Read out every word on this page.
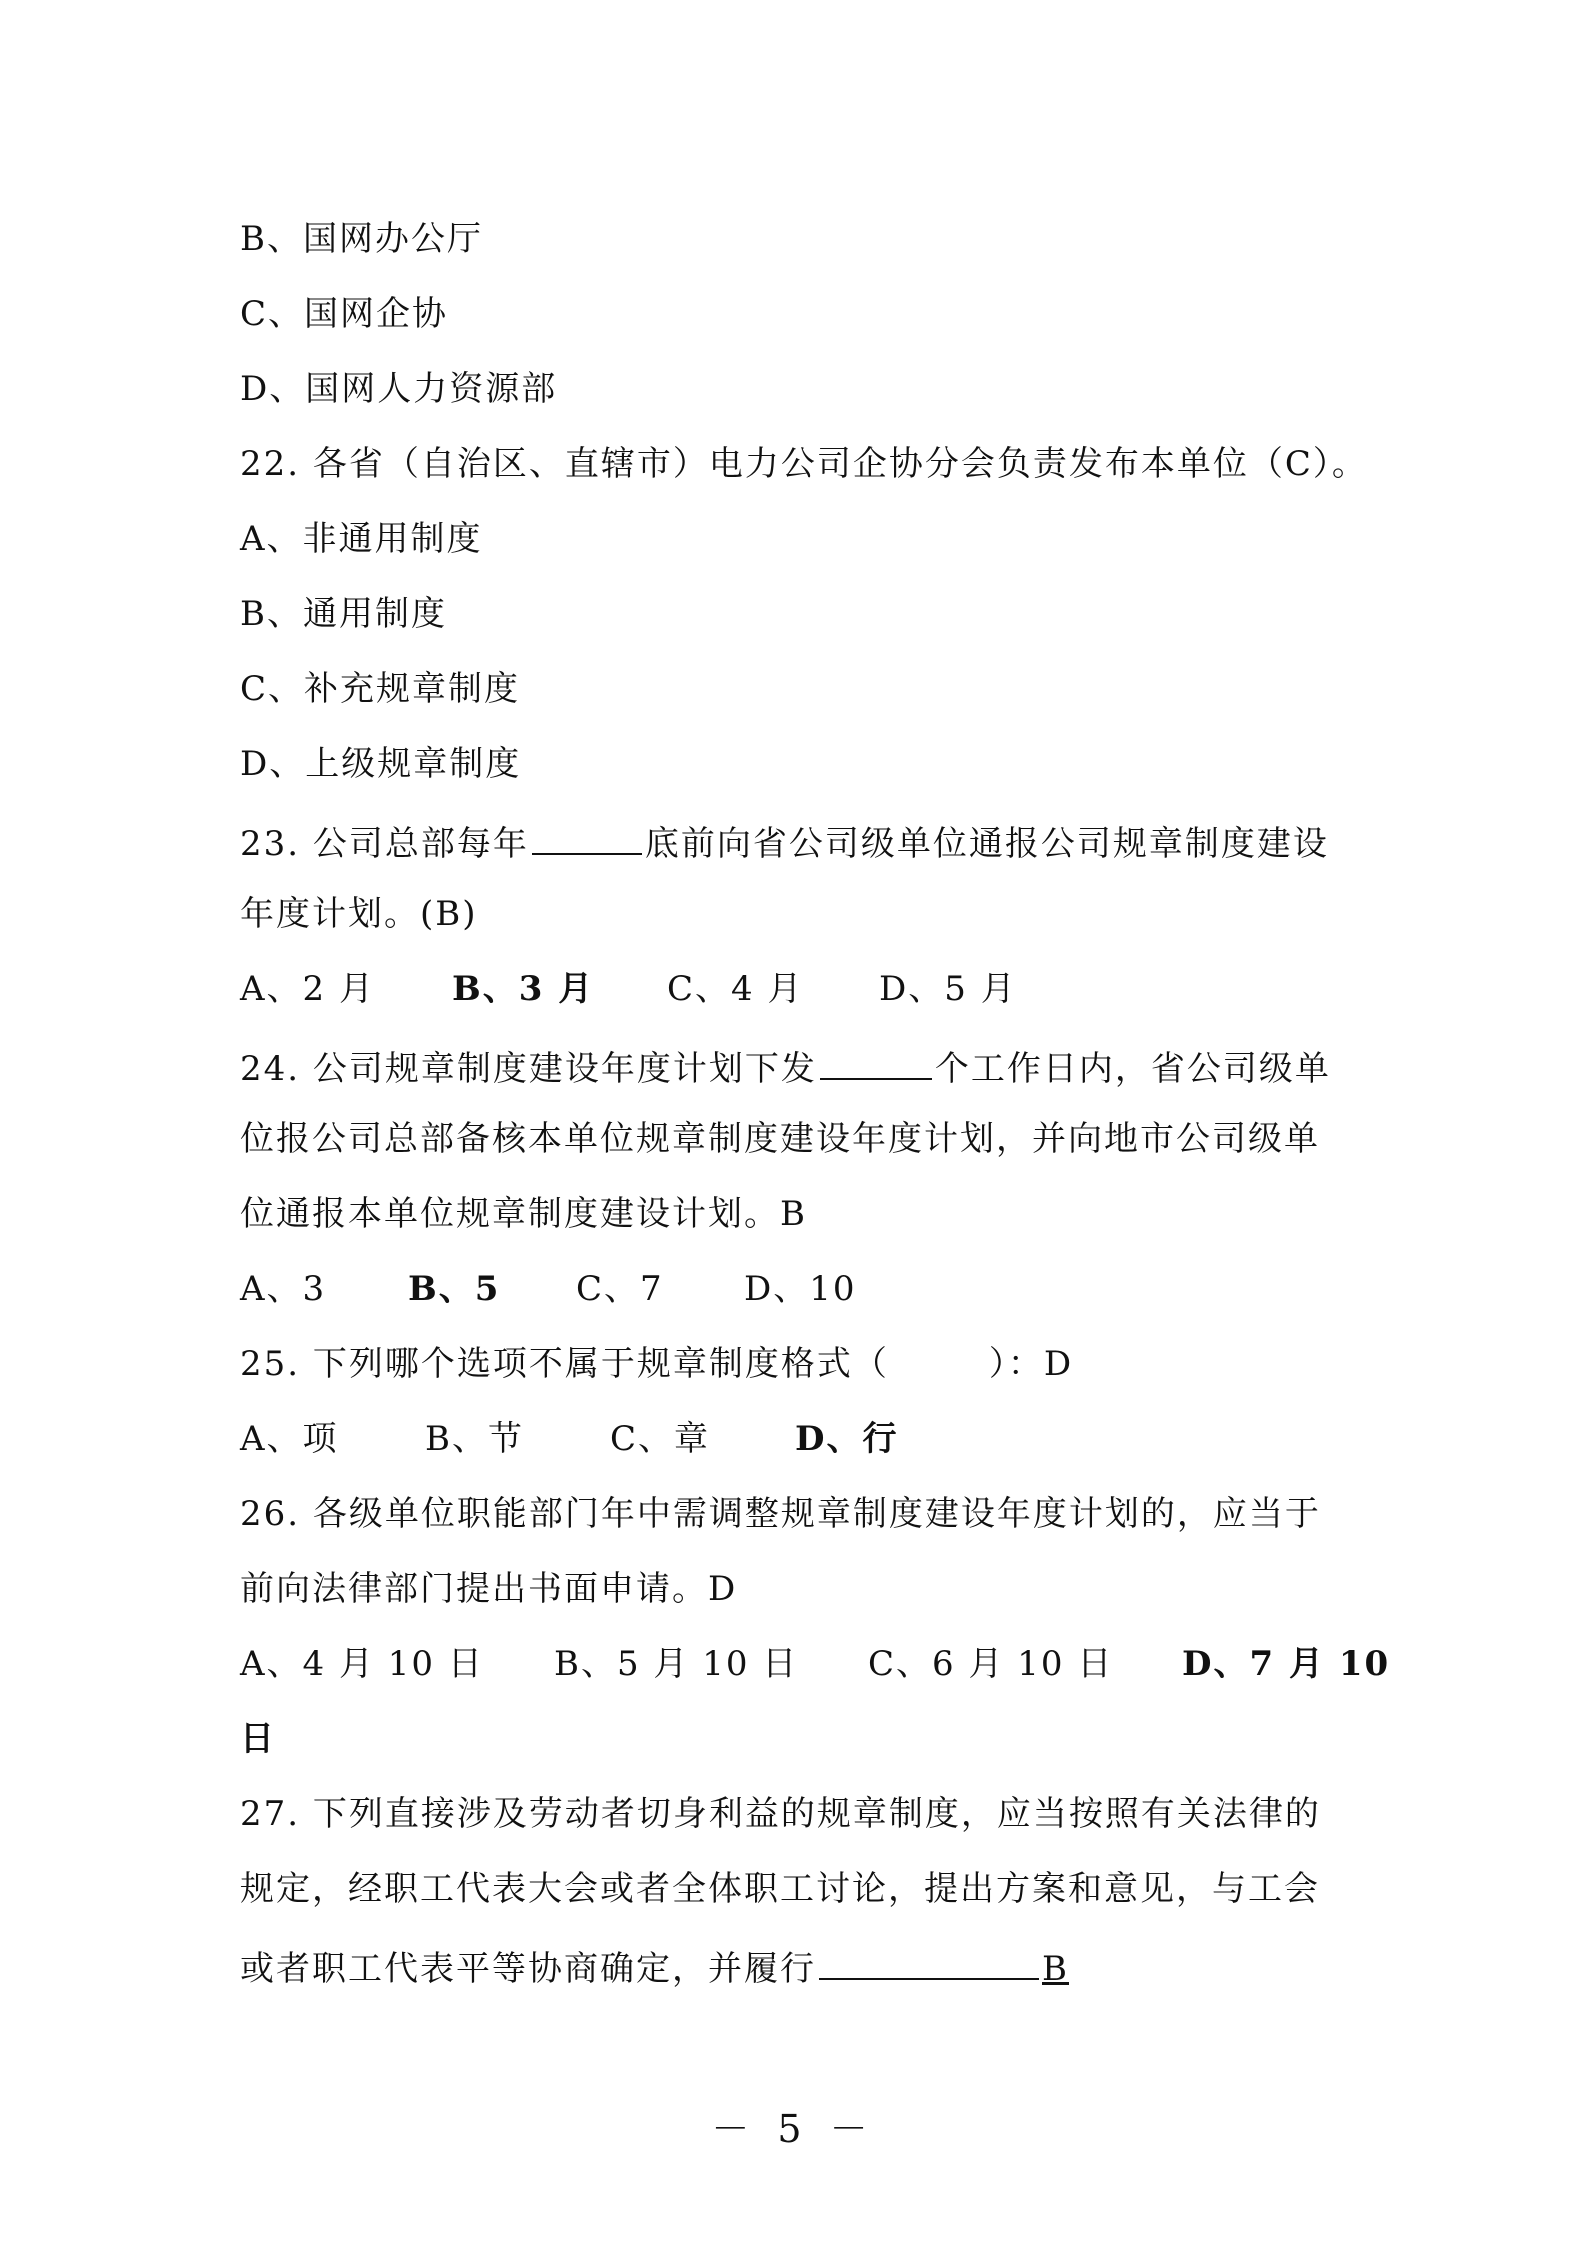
B、国网办公厅
C、国网企协
D、国网人力资源部
22. 各省（自治区、直辖市）电力公司企协分会负责发布本单位（C）。
A、非通用制度
B、通用制度
C、补充规章制度
D、上级规章制度
23. 公司总部每年	底前向省公司级单位通报公司规章制度建设
年度计划。(B)
A、2 月 B、3 月 C、4 月 D、5 月
24. 公司规章制度建设年度计划下发	个工作日内，省公司级单
位报公司总部备核本单位规章制度建设年度计划，并向地市公司级单
位通报本单位规章制度建设计划。B
A、3 B、5 C、7 D、10
25. 下列哪个选项不属于规章制度格式（	）：D
A、项	B、节	C、章 D、行
26. 各级单位职能部门年中需调整规章制度建设年度计划的，应当于
前向法律部门提出书面申请。D
A、4 月 10 日 B、5 月 10 日 C、6 月 10 日 D、7 月 10
日
27. 下列直接涉及劳动者切身利益的规章制度，应当按照有关法律的
规定，经职工代表大会或者全体职工讨论，提出方案和意见，与工会
或者职工代表平等协商确定，并履行	B
－ 5 －
